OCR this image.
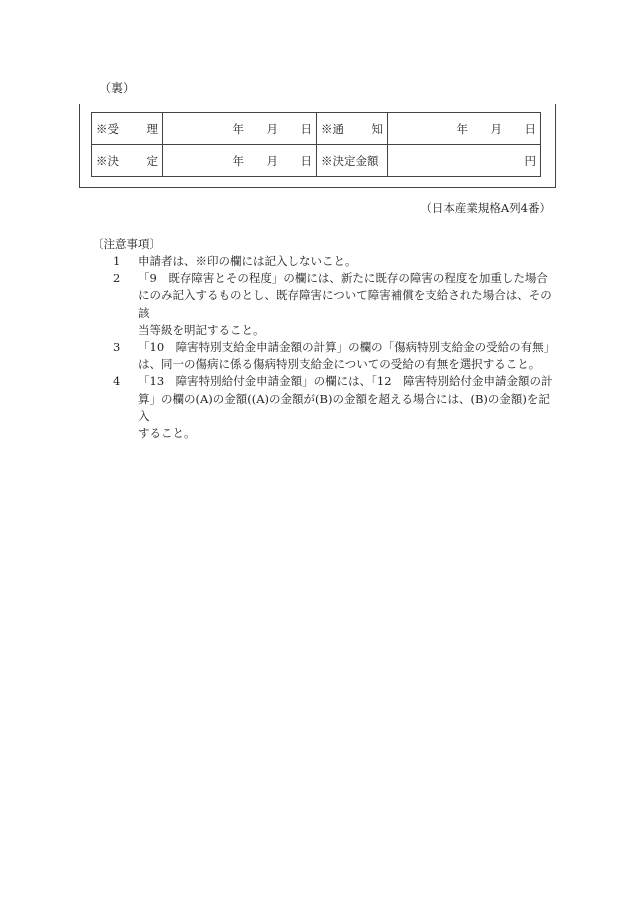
（裏）
※受 理	年 月 日	※通 知	年 月 日

※決 定	年 月 日	※決定金額	円
（日本産業規格A列4番）
〔注意事項〕
1	申請者は、※印の欄には記入しないこと。
2	「9　既存障害とその程度」の欄には、新たに既存の障害の程度を加重した場合
にのみ記入するものとし、既存障害について障害補償を支給された場合は、その該
当等級を明記すること。
3	「10　障害特別支給金申請金額の計算」の欄の「傷病特別支給金の受給の有無」
は、同一の傷病に係る傷病特別支給金についての受給の有無を選択すること。
4	「13　障害特別給付金申請金額」の欄には、「12　障害特別給付金申請金額の計
算」の欄の(A)の金額((A)の金額が(B)の金額を超える場合には、(B)の金額)を記入
すること。
